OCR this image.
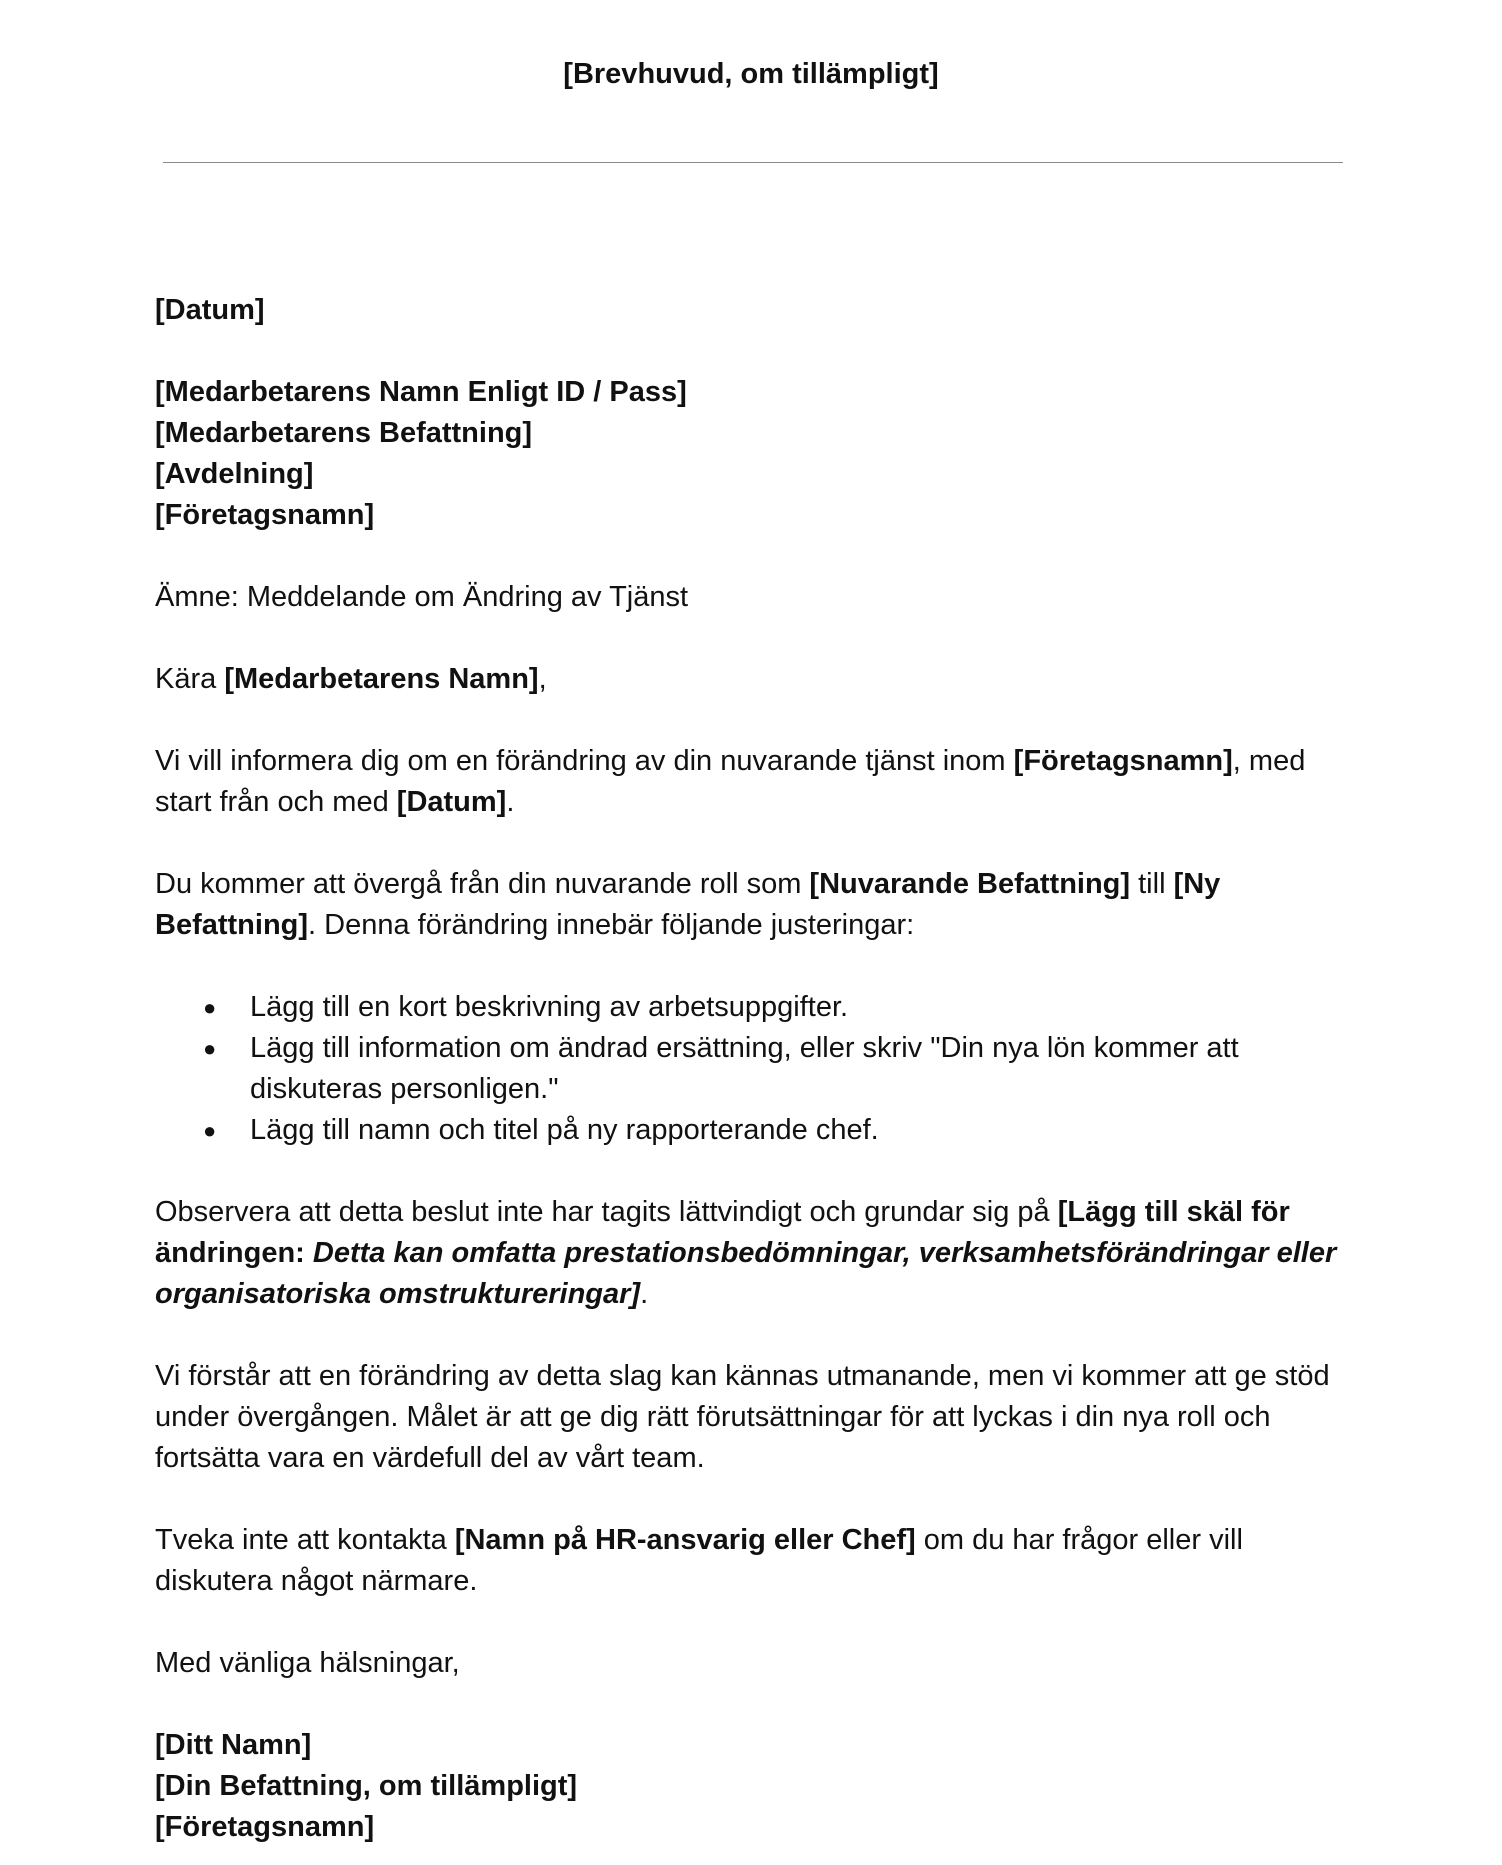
[Brevhuvud, om tillämpligt]

[Datum]

[Medarbetarens Namn Enligt ID / Pass]

[Medarbetarens Befattning]

[Avdelning]

[Företagsnamn]

Ämne: Meddelande om Ändring av Tjänst

Kära [Medarbetarens Namn],

Vi vill informera dig om en förändring av din nuvarande tjänst inom [Företagsnamn], med start från och med [Datum].

Du kommer att övergå från din nuvarande roll som [Nuvarande Befattning] till [Ny Befattning]. Denna förändring innebär följande justeringar:

● Lägg till en kort beskrivning av arbetsuppgifter.
● Lägg till information om ändrad ersättning, eller skriv "Din nya lön kommer att diskuteras personligen."
● Lägg till namn och titel på ny rapporterande chef.

Observera att detta beslut inte har tagits lättvindigt och grundar sig på [Lägg till skäl för ändringen: Detta kan omfatta prestationsbedömningar, verksamhetsförändringar eller organisatoriska omstruktureringar].

Vi förstår att en förändring av detta slag kan kännas utmanande, men vi kommer att ge stöd under övergången. Målet är att ge dig rätt förutsättningar för att lyckas i din nya roll och fortsätta vara en värdefull del av vårt team.

Tveka inte att kontakta [Namn på HR-ansvarig eller Chef] om du har frågor eller vill diskutera något närmare.

Med vänliga hälsningar,

[Ditt Namn]

[Din Befattning, om tillämpligt]

[Företagsnamn]
